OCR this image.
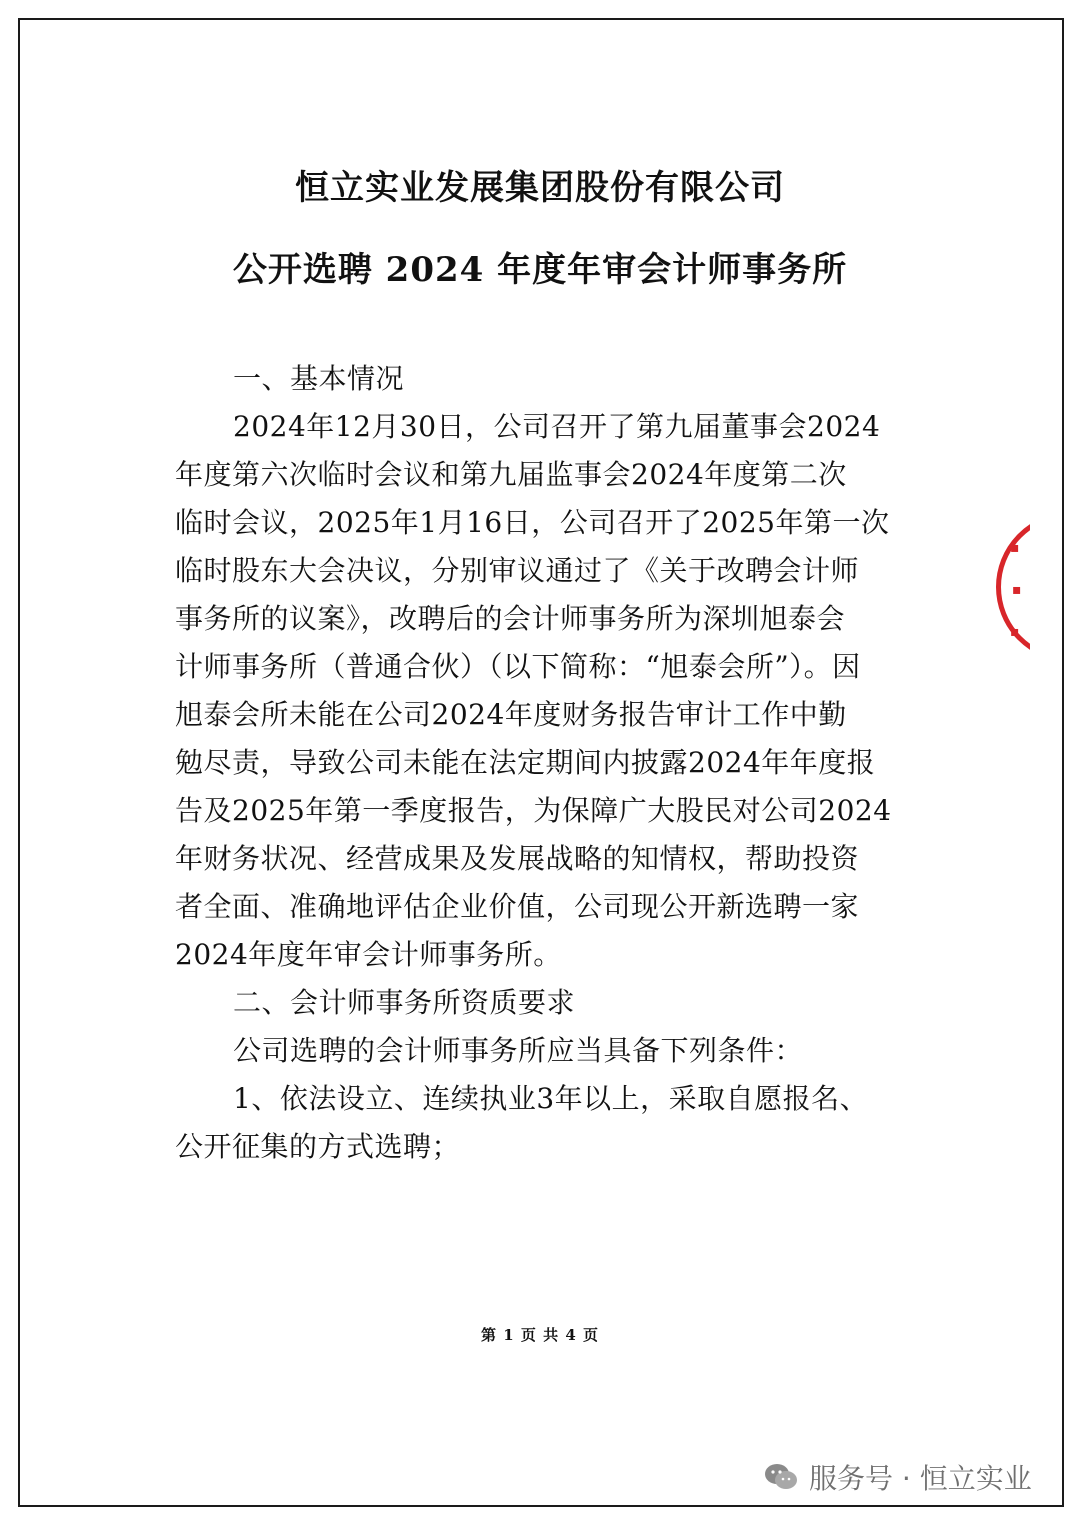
恒立实业发展集团股份有限公司
公开选聘 2024 年度年审会计师事务所
一、基本情况
2024年12月30日，公司召开了第九届董事会2024
年度第六次临时会议和第九届监事会2024年度第二次
临时会议，2025年1月16日，公司召开了2025年第一次
临时股东大会决议，分别审议通过了《关于改聘会计师
事务所的议案》，改聘后的会计师事务所为深圳旭泰会
计师事务所（普通合伙）（以下简称：“旭泰会所”）。因
旭泰会所未能在公司2024年度财务报告审计工作中勤
勉尽责，导致公司未能在法定期间内披露2024年年度报
告及2025年第一季度报告，为保障广大股民对公司2024
年财务状况、经营成果及发展战略的知情权，帮助投资
者全面、准确地评估企业价值，公司现公开新选聘一家
2024年度年审会计师事务所。
二、会计师事务所资质要求
公司选聘的会计师事务所应当具备下列条件：
1、依法设立、连续执业3年以上，采取自愿报名、
公开征集的方式选聘；
第 1 页 共 4 页
▪
▪
▪
服务号 · 恒立实业
